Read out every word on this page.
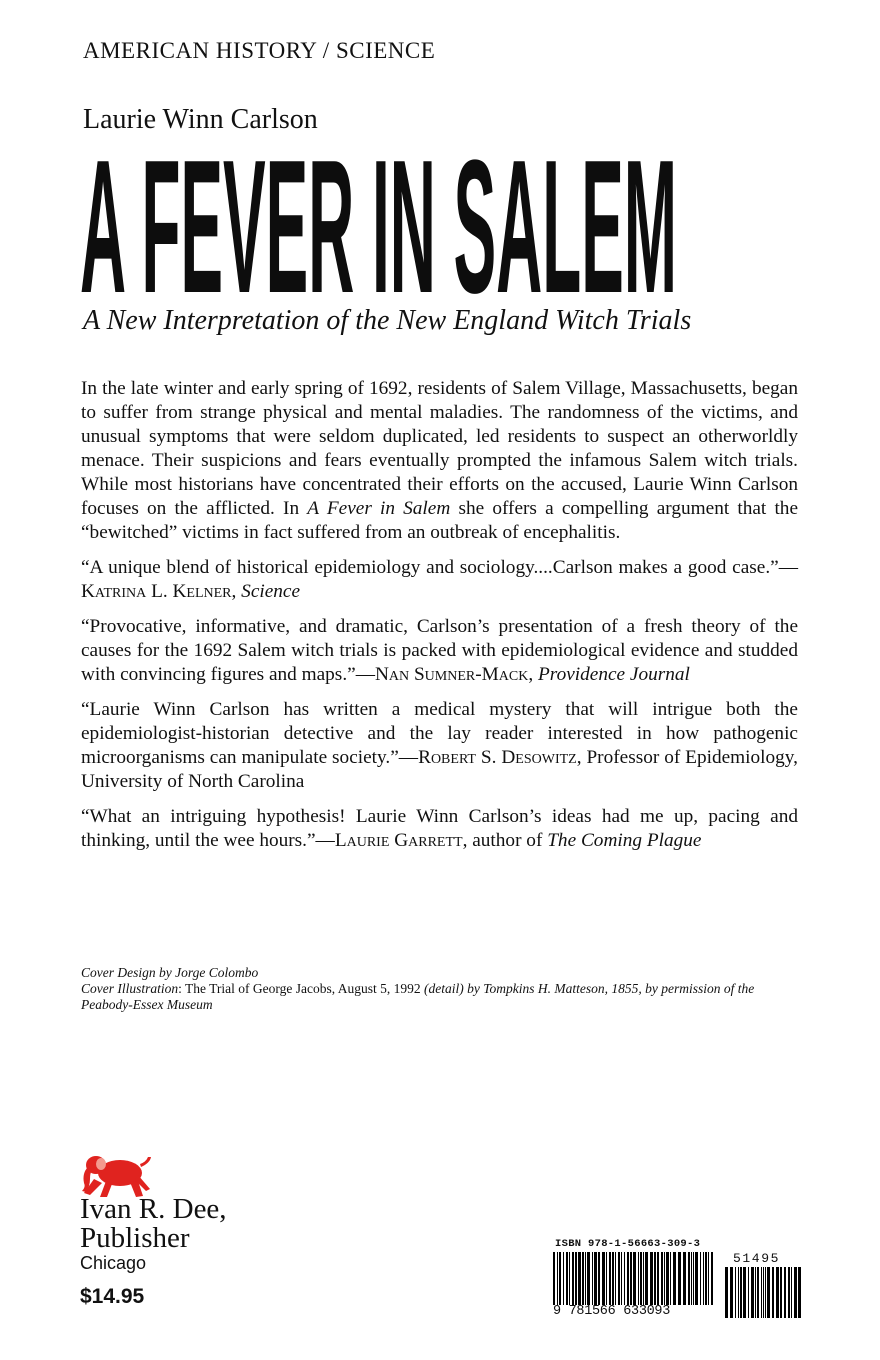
AMERICAN HISTORY / SCIENCE
Laurie Winn Carlson
A FEVER IN SALEM
A New Interpretation of the New England Witch Trials

In the late winter and early spring of 1692, residents of Salem Village, Massachusetts, began to suffer from strange physical and mental maladies. The randomness of the victims, and unusual symptoms that were seldom duplicated, led residents to suspect an otherworldly menace. Their suspicions and fears eventually prompted the infamous Salem witch trials. While most historians have concentrated their efforts on the accused, Laurie Winn Carlson focuses on the afflicted. In A Fever in Salem she offers a compelling argument that the “bewitched” victims in fact suffered from an outbreak of encephalitis.

“A unique blend of historical epidemiology and sociology....Carlson makes a good case.”—Katrina L. Kelner, Science

“Provocative, informative, and dramatic, Carlson’s presentation of a fresh theory of the causes for the 1692 Salem witch trials is packed with epidemiological evidence and studded with convincing figures and maps.”—Nan Sumner-Mack, Providence Journal

“Laurie Winn Carlson has written a medical mystery that will intrigue both the epidemiologist-historian detective and the lay reader interested in how pathogenic microorganisms can manipulate society.”—Robert S. Desowitz, Professor of Epidemiology, University of North Carolina

“What an intriguing hypothesis! Laurie Winn Carlson’s ideas had me up, pacing and thinking, until the wee hours.”—Laurie Garrett, author of The Coming Plague

Cover Design by Jorge Colombo
Cover Illustration: The Trial of George Jacobs, August 5, 1992 (detail) by Tompkins H. Matteson, 1855, by permission of the Peabody-Essex Museum
Ivan R. Dee,
Publisher
Chicago
$14.95
ISBN 978-1-56663-309-3
9 781566 633093
51495
